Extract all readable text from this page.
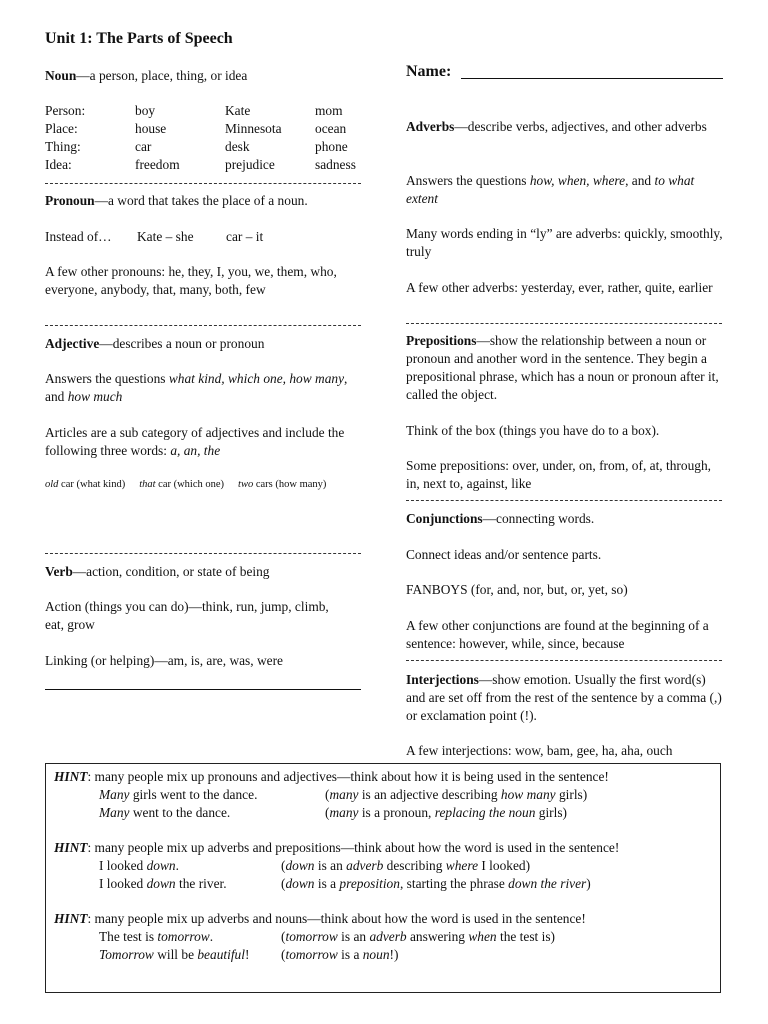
Unit 1: The Parts of Speech
Name:

Noun—a person, place, thing, or idea

Person:	boy	Kate	mom
Place:	house	Minnesota	ocean
Thing:	car	desk	phone
Idea:	freedom	prejudice	sadness

Pronoun—a word that takes the place of a noun.

Instead of… Kate – she car – it

A few other pronouns: he, they, I, you, we, them, who, everyone, anybody, that, many, both, few

Adjective—describes a noun or pronoun

Answers the questions what kind, which one, how many, and how much

Articles are a sub category of adjectives and include the following three words: a, an, the

old car (what kind) that car (which one) two cars (how many)

Verb—action, condition, or state of being

Action (things you can do)—think, run, jump, climb, eat, grow

Linking (or helping)—am, is, are, was, were

Adverbs—describe verbs, adjectives, and other adverbs

Answers the questions how, when, where, and to what extent

Many words ending in “ly” are adverbs: quickly, smoothly, truly

A few other adverbs: yesterday, ever, rather, quite, earlier

Prepositions—show the relationship between a noun or pronoun and another word in the sentence. They begin a prepositional phrase, which has a noun or pronoun after it, called the object.

Think of the box (things you have do to a box).

Some prepositions: over, under, on, from, of, at, through, in, next to, against, like

Conjunctions—connecting words.

Connect ideas and/or sentence parts.

FANBOYS (for, and, nor, but, or, yet, so)

A few other conjunctions are found at the beginning of a sentence: however, while, since, because

Interjections—show emotion. Usually the first word(s) and are set off from the rest of the sentence by a comma (,) or exclamation point (!).

A few interjections: wow, bam, gee, ha, aha, ouch

HINT: many people mix up pronouns and adjectives—think about how it is being used in the sentence!
Many girls went to the dance.	(many is an adjective describing how many girls)
Many went to the dance.	(many is a pronoun, replacing the noun girls)
HINT: many people mix up adverbs and prepositions—think about how the word is used in the sentence!
I looked down.	(down is an adverb describing where I looked)
I looked down the river.	(down is a preposition, starting the phrase down the river)
HINT: many people mix up adverbs and nouns—think about how the word is used in the sentence!
The test is tomorrow.	(tomorrow is an adverb answering when the test is)
Tomorrow will be beautiful! (tomorrow is a noun!)
